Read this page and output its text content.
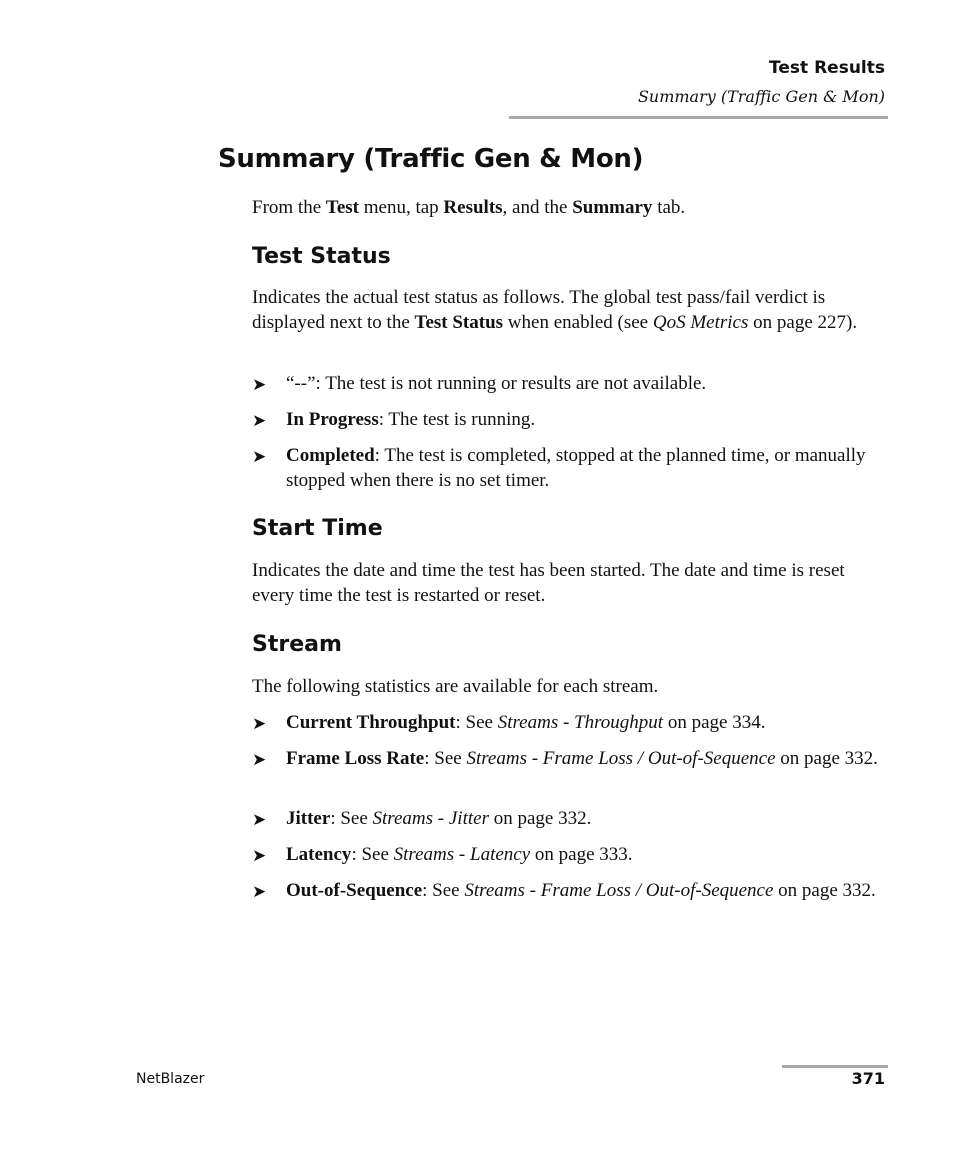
Test Results
Summary (Traffic Gen & Mon)
Summary (Traffic Gen & Mon)

From the Test menu, tap Results, and the Summary tab.

Test Status

Indicates the actual test status as follows. The global test pass/fail verdict is displayed next to the Test Status when enabled (see QoS Metrics on page 227).

➤ “--”: The test is not running or results are not available.
➤ In Progress: The test is running.
➤ Completed: The test is completed, stopped at the planned time, or manually stopped when there is no set timer.
Start Time

Indicates the date and time the test has been started. The date and time is reset every time the test is restarted or reset.

Stream

The following statistics are available for each stream.

➤ Current Throughput: See Streams - Throughput on page 334.
➤ Frame Loss Rate: See Streams - Frame Loss / Out-of-Sequence on page 332.
➤ Jitter: See Streams - Jitter on page 332.
➤ Latency: See Streams - Latency on page 333.
➤ Out-of-Sequence: See Streams - Frame Loss / Out-of-Sequence on page 332.
NetBlazer	371
